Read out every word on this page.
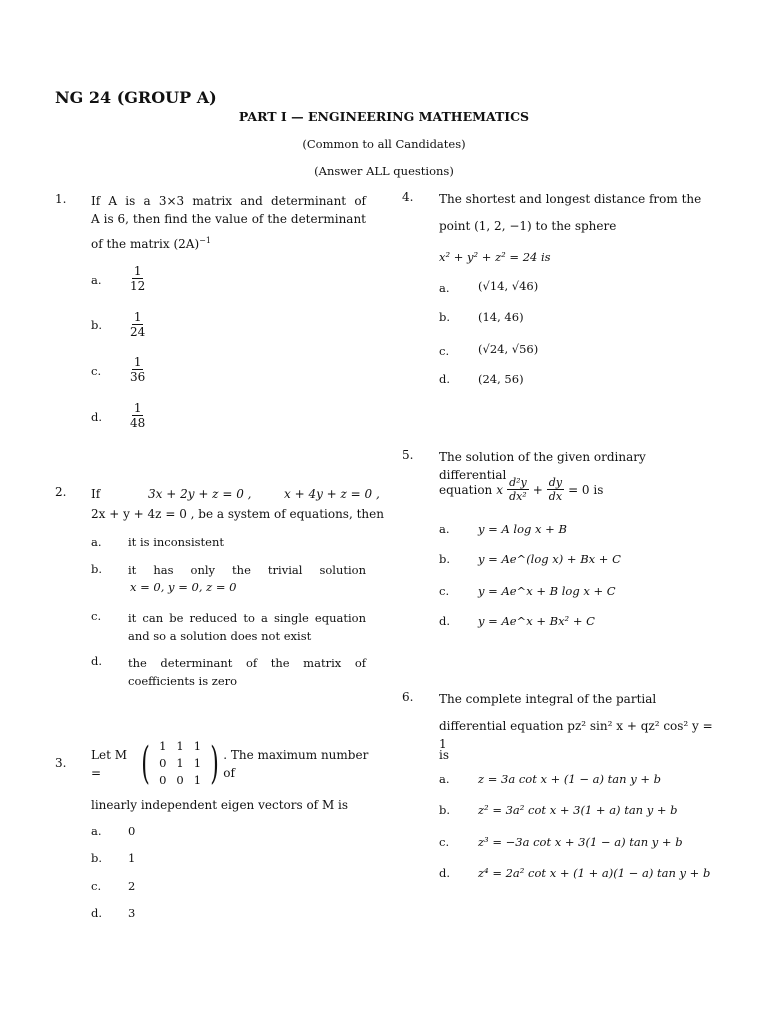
NG 24 (GROUP A)
PART I — ENGINEERING MATHEMATICS
(Common to all Candidates)
(Answer ALL questions)
1. If A is a 3×3 matrix and determinant of
A is 6, then find the value of the determinant
of the matrix $(2A)^{-1}$
a. $\frac{1}{12}$
b. $\frac{1}{24}$
c. $\frac{1}{36}$
d. $\frac{1}{48}$
2. If	3x + 2y + z = 0 ,	x + 4y + z = 0 ,
2x + y + 4z = 0 , be a system of equations, then
a. it is inconsistent
b. it has only the trivial solution
x = 0, y = 0, z = 0
c. it can be reduced to a single equation
and so a solution does not exist
d. the determinant of the matrix of
coefficients is zero
3.
Let M = ( 1	1	1
0	1	1
0	0	1 ) . The maximum number of
linearly independent eigen vectors of M is
a. 0
b. 1
c. 2
d. 3
4. The shortest and longest distance from the
point (1, 2, −1) to the sphere
x² + y² + z² = 24 is
a. (√14, √46)
b. (14, 46)
c.	(√24, √56)
d. (24, 56)
5. The solution of the given ordinary differential
equation x $\frac{\text{d²y}}{\text{dx²}} + \frac{dy}{dx} = 0$ is
a. y = A log x + B
b. y = Ae^(log x) + Bx + C
c.	y = Ae^x + B log x + C
d. y = Ae^x + Bx² + C
6. The complete integral of the partial
differential equation pz² sin² x + qz² cos² y = 1
is
a. z = 3a cot x + (1 − a) tan y + b
b. z² = 3a² cot x + 3(1 + a) tan y + b
c.	z³ = −3a cot x + 3(1 − a) tan y + b
d. z⁴ = 2a² cot x + (1 + a)(1 − a) tan y + b
